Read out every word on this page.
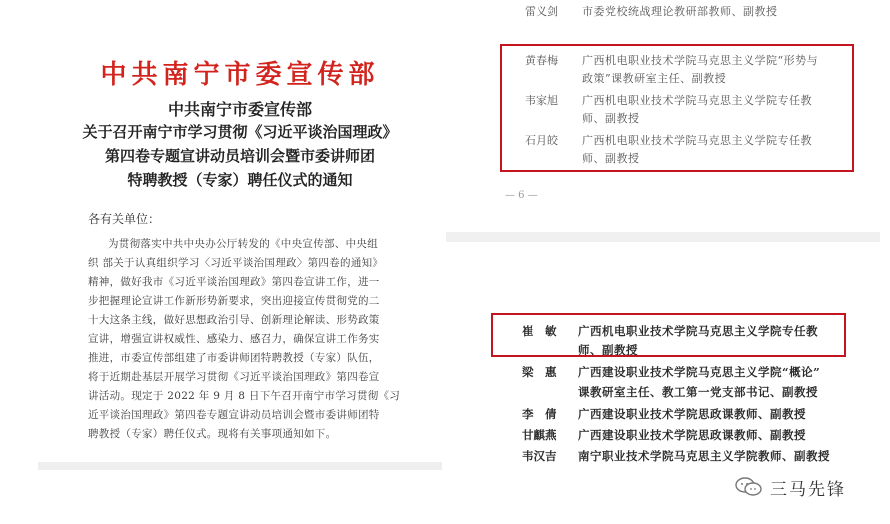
中共南宁市委宣传部
中共南宁市委宣传部
关于召开南宁市学习贯彻《习近平谈治国理政》
第四卷专题宣讲动员培训会暨市委讲师团
特聘教授（专家）聘任仪式的通知
各有关单位：
为贯彻落实中共中央办公厅转发的《中央宣传部、中央组
织 部关于认真组织学习〈习近平谈治国理政〉第四卷的通知》
精神，做好我市《习近平谈治国理政》第四卷宣讲工作，进一
步把握理论宣讲工作新形势新要求，突出迎接宣传贯彻党的二
十大这条主线，做好思想政治引导、创新理论解读、形势政策
宣讲，增强宣讲权威性、感染力、感召力，确保宣讲工作务实
推进，市委宣传部组建了市委讲师团特聘教授（专家）队伍，
将于近期赴基层开展学习贯彻《习近平谈治国理政》第四卷宣
讲活动。现定于 2022 年 9 月 8 日下午召开南宁市学习贯彻《习
近平谈治国理政》第四卷专题宣讲动员培训会暨市委讲师团特
聘教授（专家）聘任仪式。现将有关事项通知如下。
雷义剑 市委党校统战理论教研部教师、副教授
黄春梅 广西机电职业技术学院马克思主义学院“形势与
政策”课教研室主任、副教授
韦家旭 广西机电职业技术学院马克思主义学院专任教
师、副教授
石月皎 广西机电职业技术学院马克思主义学院专任教
师、副教授
— 6 —
崔　敏 广西机电职业技术学院马克思主义学院专任教
师、副教授
梁　惠 广西建设职业技术学院马克思主义学院“概论”
课教研室主任、教工第一党支部书记、副教授
李　倩 广西建设职业技术学院思政课教师、副教授
甘麒燕 广西建设职业技术学院思政课教师、副教授
韦汉吉 南宁职业技术学院马克思主义学院教师、副教授
三马先锋
